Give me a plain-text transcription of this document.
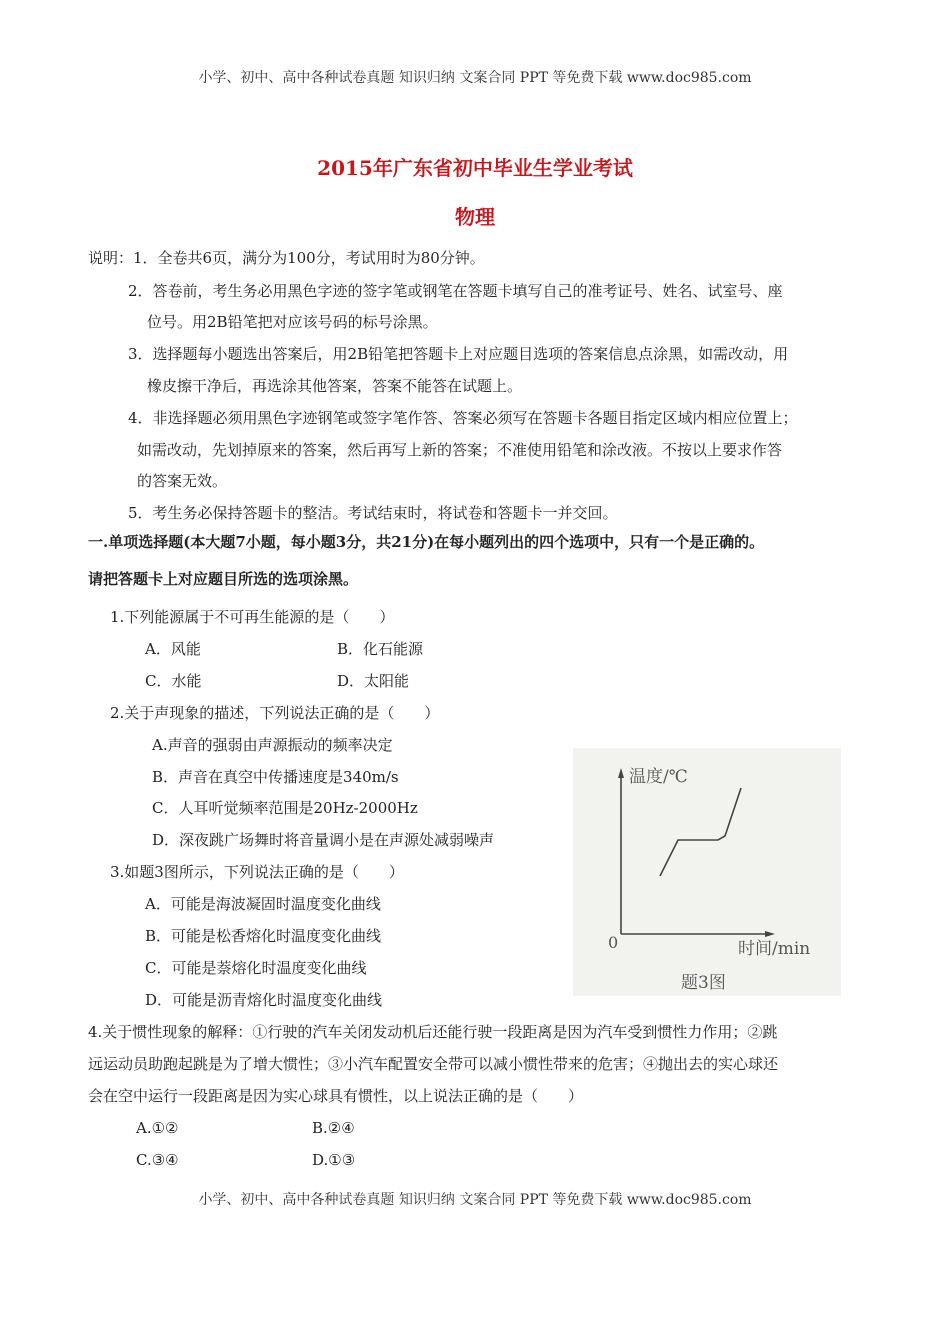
小学、初中、高中各种试卷真题 知识归纳 文案合同 PPT 等免费下载 www.doc985.com
2015年广东省初中毕业生学业考试
物理
说明：1．全卷共6页，满分为100分，考试用时为80分钟。
2．答卷前，考生务必用黑色字迹的签字笔或钢笔在答题卡填写自己的准考证号、姓名、试室号、座
位号。用2B铅笔把对应该号码的标号涂黑。
3．选择题每小题选出答案后，用2B铅笔把答题卡上对应题目选项的答案信息点涂黑，如需改动，用
橡皮擦干净后，再选涂其他答案，答案不能答在试题上。
4．非选择题必须用黑色字迹钢笔或签字笔作答、答案必须写在答题卡各题目指定区域内相应位置上；
如需改动，先划掉原来的答案，然后再写上新的答案；不准使用铅笔和涂改液。不按以上要求作答
的答案无效。
5．考生务必保持答题卡的整洁。考试结束时，将试卷和答题卡一并交回。
一.单项选择题(本大题7小题，每小题3分，共21分)在每小题列出的四个选项中，只有一个是正确的。
请把答题卡上对应题目所选的选项涂黑。
1.下列能源属于不可再生能源的是（　　）
A．风能	B．化石能源
C．水能	D．太阳能
2.关于声现象的描述，下列说法正确的是（　　）
A.声音的强弱由声源振动的频率决定
B．声音在真空中传播速度是340m/s
C．人耳听觉频率范围是20Hz-2000Hz
D．深夜跳广场舞时将音量调小是在声源处减弱噪声
3.如题3图所示，下列说法正确的是（　　）
A．可能是海波凝固时温度变化曲线
B．可能是松香熔化时温度变化曲线
C．可能是萘熔化时温度变化曲线
D．可能是沥青熔化时温度变化曲线
温度/℃
0	时间/min
题3图
4.关于惯性现象的解释：①行驶的汽车关闭发动机后还能行驶一段距离是因为汽车受到惯性力作用；②跳
远运动员助跑起跳是为了增大惯性；③小汽车配置安全带可以减小惯性带来的危害；④抛出去的实心球还
会在空中运行一段距离是因为实心球具有惯性，以上说法正确的是（　　）
A.①②	B.②④
C.③④	D.①③
小学、初中、高中各种试卷真题 知识归纳 文案合同 PPT 等免费下载 www.doc985.com
